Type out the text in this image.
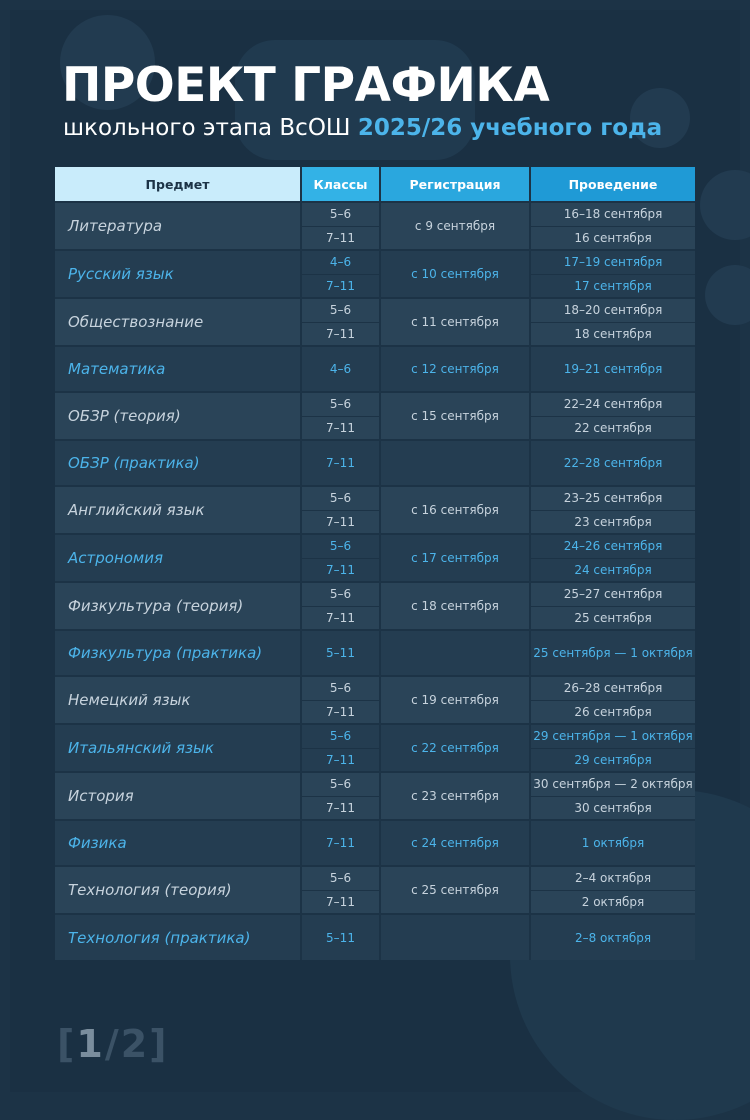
ПРОЕКТ ГРАФИКА
школьного этапа ВсОШ 2025/26 учебного года
Предмет	Классы	Регистрация	Проведение
Литература	5–6	с 9 сентября	16–18 сентября
	7–11		16 сентября
Русский язык	4–6	с 10 сентября	17–19 сентября
	7–11		17 сентября
Обществознание	5–6	с 11 сентября	18–20 сентября
	7–11		18 сентября
Математика	4–6	с 12 сентября	19–21 сентября
ОБЗР (теория)	5–6	с 15 сентября	22–24 сентября
	7–11		22 сентября
ОБЗР (практика)	7–11		22–28 сентября
Английский язык	5–6	с 16 сентября	23–25 сентября
	7–11		23 сентября
Астрономия	5–6	с 17 сентября	24–26 сентября
	7–11		24 сентября
Физкультура (теория)	5–6	с 18 сентября	25–27 сентября
	7–11		25 сентября
Физкультура (практика)	5–11		25 сентября — 1 октября
Немецкий язык	5–6	с 19 сентября	26–28 сентября
	7–11		26 сентября
Итальянский язык	5–6	с 22 сентября	29 сентября — 1 октября
	7–11		29 сентября
История	5–6	с 23 сентября	30 сентября — 2 октября
	7–11		30 сентября
Физика	7–11	с 24 сентября	1 октября
Технология (теория)	5–6	с 25 сентября	2–4 октября
	7–11		2 октября
Технология (практика)	5–11		2–8 октября
[1/2]
